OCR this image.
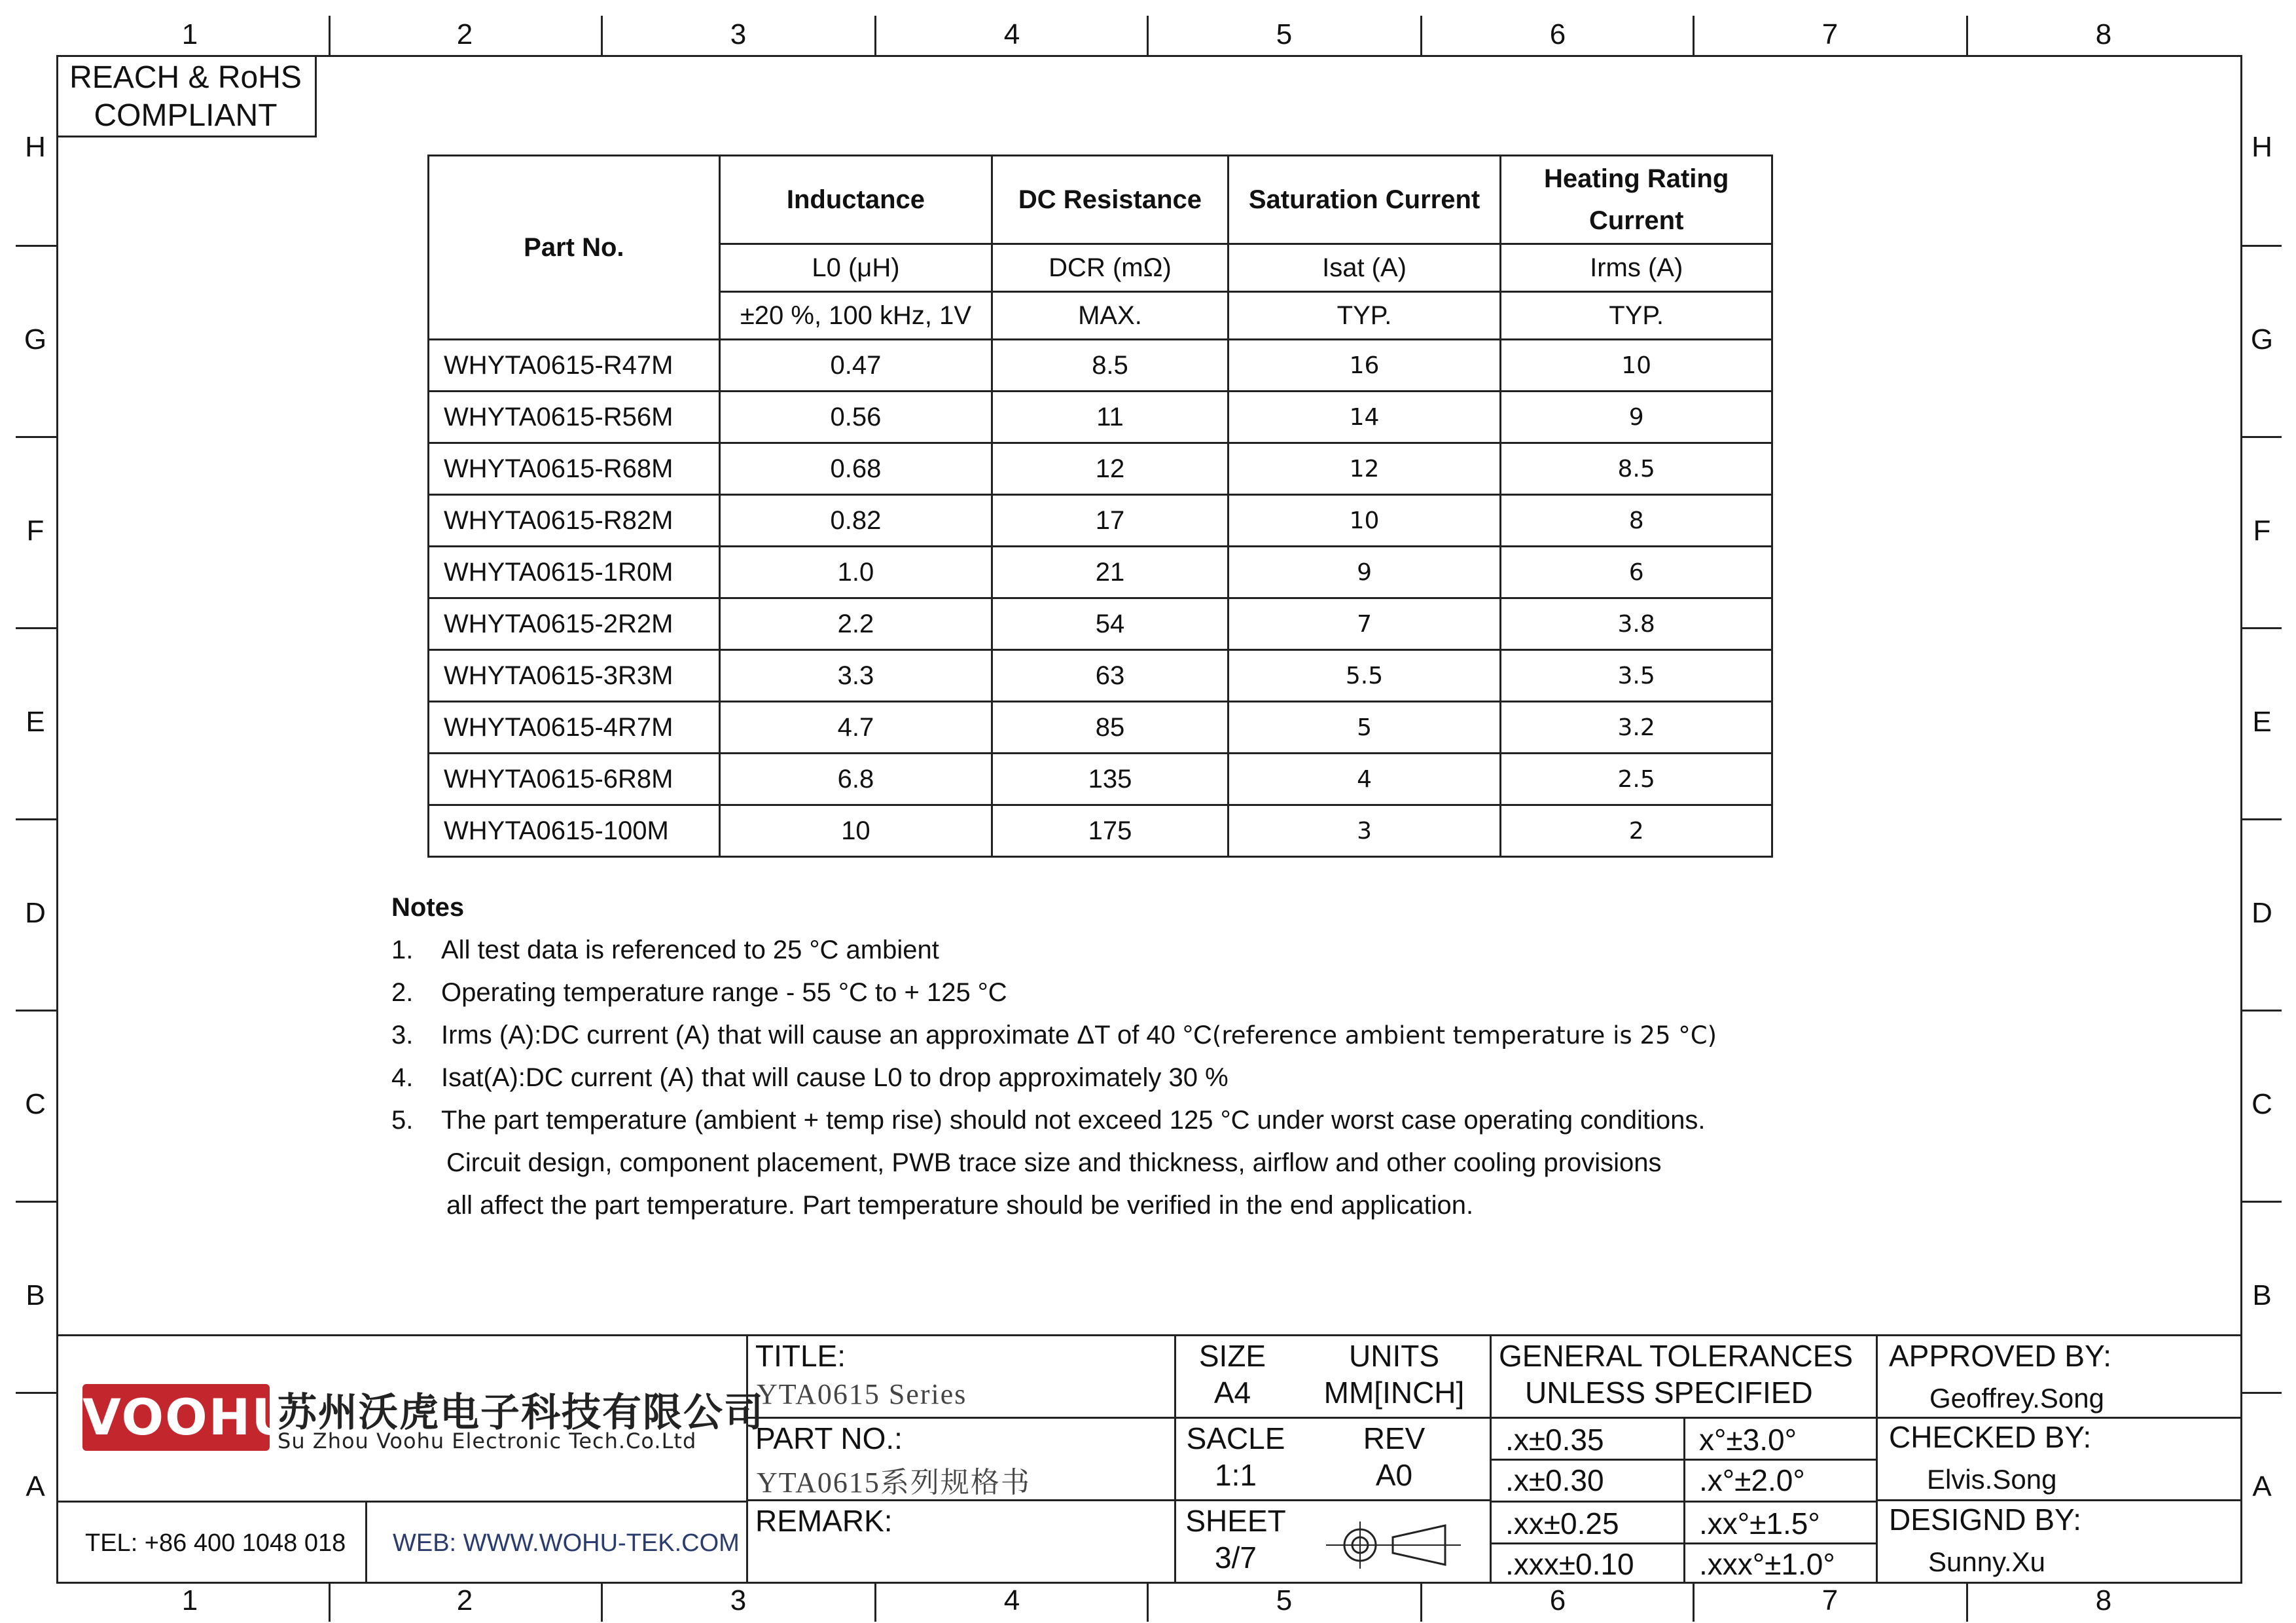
1	2	3	4	5	6	7	8
1	2	3	4	5	6	7	8
H
G
F
E
D
C
B
A
H
G
F
E
D
C
B
A
REACH & RoHS
COMPLIANT
Part No.	Inductance	DC Resistance	Saturation Current	Heating Rating
Current

	L0 (μH)	DCR (mΩ)	Isat (A)	Irms (A)
	±20 %, 100 kHz, 1V	MAX.	TYP.	TYP.
WHYTA0615-R47M	0.47	8.5	16	10
WHYTA0615-R56M	0.56	11	14	9
WHYTA0615-R68M	0.68	12	12	8.5
WHYTA0615-R82M	0.82	17	10	8
WHYTA0615-1R0M	1.0	21	9	6
WHYTA0615-2R2M	2.2	54	7	3.8
WHYTA0615-3R3M	3.3	63	5.5	3.5
WHYTA0615-4R7M	4.7	85	5	3.2
WHYTA0615-6R8M	6.8	135	4	2.5
WHYTA0615-100M	10	175	3	2
Notes
1.	All test data is referenced to 25 °C ambient
2.	Operating temperature range - 55 °C to + 125 °C
3.	Irms (A):DC current (A) that will cause an approximate ΔT of 40 °C (reference ambient temperature is 25 °C)
4.	Isat(A):DC current (A) that will cause L0 to drop approximately 30 %
5.	The part temperature (ambient + temp rise) should not exceed 125 °C under worst case operating conditions.
Circuit design, component placement, PWB trace size and thickness, airflow and other cooling provisions
all affect the part temperature. Part temperature should be verified in the end application.
VOOHU
苏州沃虎电子科技有限公司
Su Zhou Voohu Electronic Tech.Co.Ltd
TEL: +86 400 1048 018 WEB: WWW.WOHU-TEK.COM
TITLE:
YTA0615 Series
PART NO.:
YTA0615系列规格书
REMARK:
SIZE
A4
UNITS
MM[INCH]
SACLE
1:1
REV
A0
SHEET
3/7
GENERAL TOLERANCES
UNLESS SPECIFIED
.x±0.35	x°±3.0°
.x±0.30	.x°±2.0°
.xx±0.25	.xx°±1.5°
.xxx±0.10 .xxx°±1.0°
APPROVED BY:
Geoffrey.Song
CHECKED BY:
Elvis.Song
DESIGND BY:
Sunny.Xu
